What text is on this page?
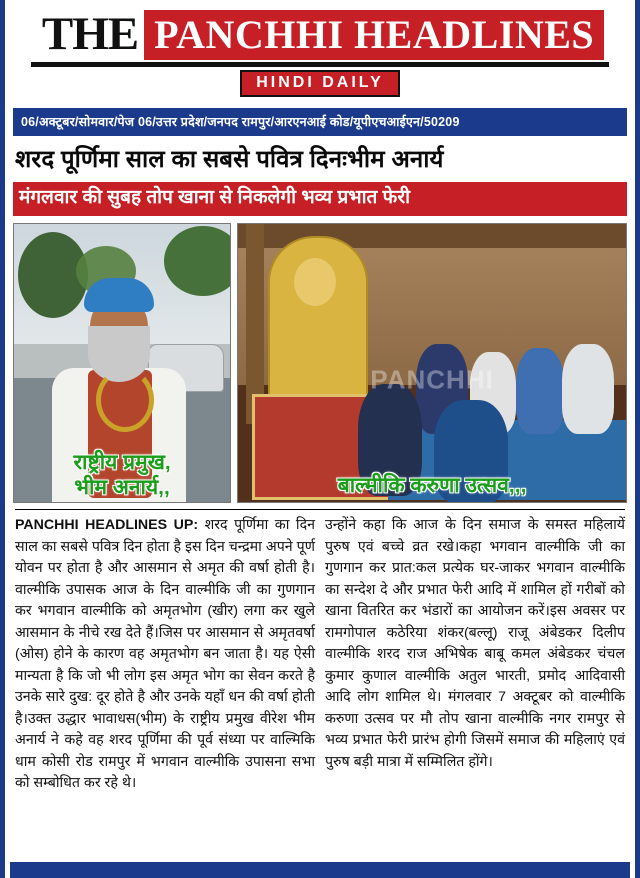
THE PANCHHI HEADLINES
HINDI DAILY
06/अक्टूबर/सोमवार/पेज 06/उत्तर प्रदेश/जनपद रामपुर/आरएनआई कोड/यूपीएचआईएन/50209
शरद पूर्णिमा साल का सबसे पवित्र दिनःभीम अनार्य
मंगलवार की सुबह तोप खाना से निकलेगी भव्य प्रभात फेरी
राष्ट्रीय प्रमुख,
भीम अनार्य,,
PANCHHI
बाल्मीकि करुणा उत्सव,,,
PANCHHI HEADLINES UP: शरद पूर्णिमा का दिन साल का सबसे पवित्र दिन होता है इस दिन चन्द्रमा अपने पूर्ण योवन पर होता है और आसमान से अमृत की वर्षा होती है।वाल्मीकि उपासक आज के दिन वाल्मीकि जी का गुणगान कर भगवान वाल्मीकि को अमृतभोग (खीर) लगा कर खुले आसमान के नीचे रख देते हैं।जिस पर आसमान से अमृतवर्षा (ओस) होने के कारण वह अमृतभोग बन जाता है। यह ऐसी मान्यता है कि जो भी लोग इस अमृत भोग का सेवन करते है उनके सारे दुख: दूर होते है और उनके यहाँ धन की वर्षा होती है।उक्त उद्धार भावाधस(भीम) के राष्ट्रीय प्रमुख वीरेश भीम अनार्य ने कहे वह शरद पूर्णिमा की पूर्व संध्या पर वाल्मिकि धाम कोसी रोड रामपुर में भगवान वाल्मीकि उपासना सभा को सम्बोधित कर रहे थे।
उन्होंने कहा कि आज के दिन समाज के समस्त महिलायें पुरुष एवं बच्चे व्रत रखे।कहा भगवान वाल्मीकि जी का गुणगान कर प्रात:कल प्रत्येक घर-जाकर भगवान वाल्मीकि का सन्देश दे और प्रभात फेरी आदि में शामिल हों गरीबों को खाना वितरित कर भंडारों का आयोजन करें।इस अवसर पर रामगोपाल कठेरिया शंकर(बल्लू) राजू अंबेडकर दिलीप वाल्मीकि शरद राज अभिषेक बाबू कमल अंबेडकर चंचल कुमार कुणाल वाल्मीकि अतुल भारती, प्रमोद आदिवासी आदि लोग शामिल थे। मंगलवार 7 अक्टूबर को वाल्मीकि करुणा उत्सव पर मौ तोप खाना वाल्मीकि नगर रामपुर से भव्य प्रभात फेरी प्रारंभ होगी जिसमें समाज की महिलाएं एवं पुरुष बड़ी मात्रा में सम्मिलित होंगे।
